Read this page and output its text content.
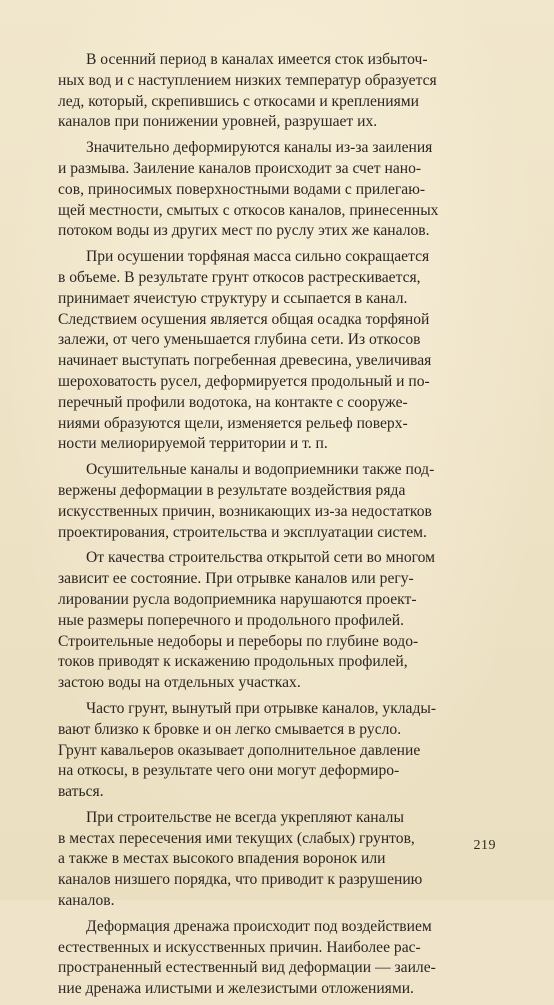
В осенний период в каналах имеется сток избыточ-
ных вод и с наступлением низких температур образуется
лед, который, скрепившись с откосами и креплениями
каналов при понижении уровней, разрушает их.

Значительно деформируются каналы из-за заиления
и размыва. Заиление каналов происходит за счет нано-
сов, приносимых поверхностными водами с прилегаю-
щей местности, смытых с откосов каналов, принесенных
потоком воды из других мест по руслу этих же каналов.

При осушении торфяная масса сильно сокращается
в объеме. В результате грунт откосов растрескивается,
принимает ячеистую структуру и ссыпается в канал.
Следствием осушения является общая осадка торфяной
залежи, от чего уменьшается глубина сети. Из откосов
начинает выступать погребенная древесина, увеличивая
шероховатость русел, деформируется продольный и по-
перечный профили водотока, на контакте с сооруже-
ниями образуются щели, изменяется рельеф поверх-
ности мелиорируемой территории и т. п.

Осушительные каналы и водоприемники также под-
вержены деформации в результате воздействия ряда
искусственных причин, возникающих из-за недостатков
проектирования, строительства и эксплуатации систем.

От качества строительства открытой сети во многом
зависит ее состояние. При отрывке каналов или регу-
лировании русла водоприемника нарушаются проект-
ные размеры поперечного и продольного профилей.
Строительные недоборы и переборы по глубине водо-
токов приводят к искажению продольных профилей,
застою воды на отдельных участках.

Часто грунт, вынутый при отрывке каналов, уклады-
вают близко к бровке и он легко смывается в русло.
Грунт кавальеров оказывает дополнительное давление
на откосы, в результате чего они могут деформиро-
ваться.

При строительстве не всегда укрепляют каналы
в местах пересечения ими текущих (слабых) грунтов,
а также в местах высокого впадения воронок или
каналов низшего порядка, что приводит к разрушению
каналов.

Деформация дренажа происходит под воздействием
естественных и искусственных причин. Наиболее рас-
пространенный естественный вид деформации — заиле-
ние дренажа илистыми и железистыми отложениями.

219
